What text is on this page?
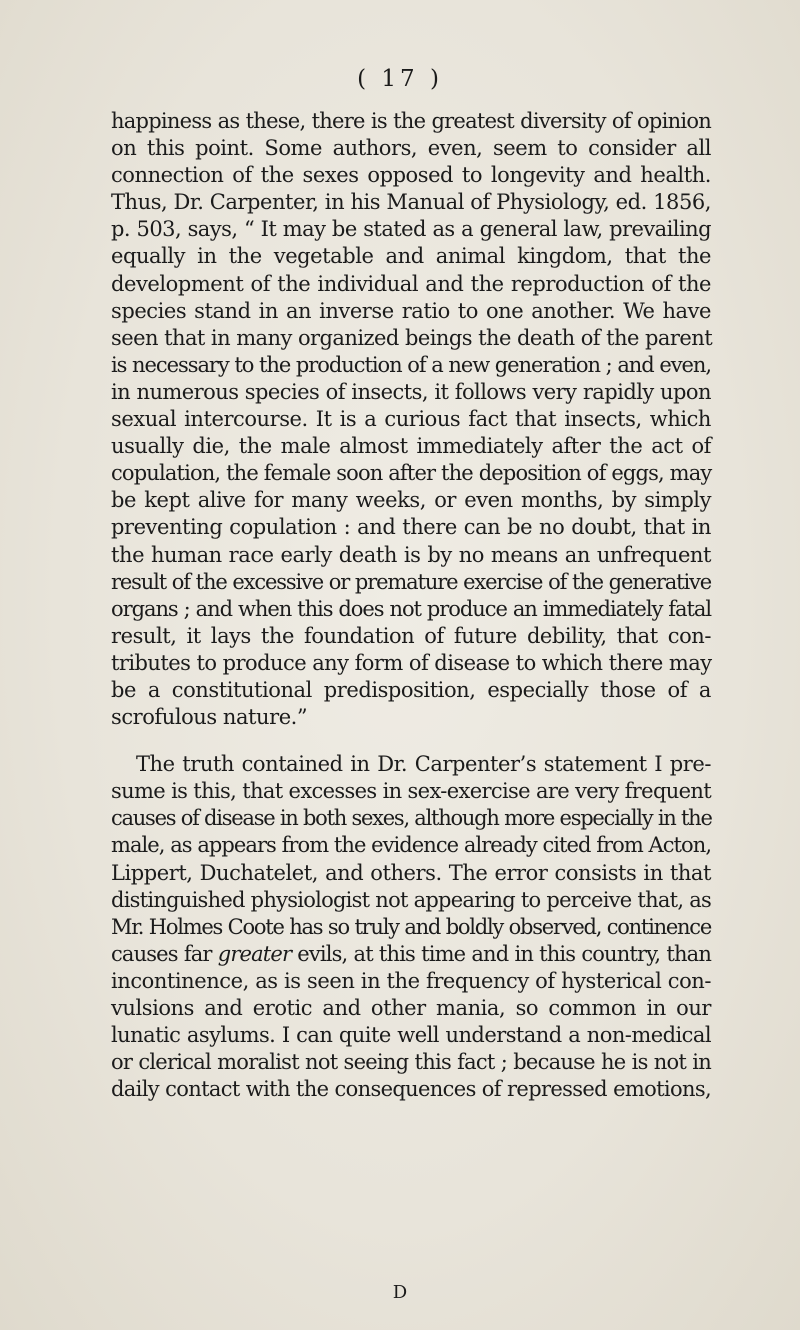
( 17 )
happiness as these, there is the greatest diversity of opinion
on this point. Some authors, even, seem to consider all
connection of the sexes opposed to longevity and health.
Thus, Dr. Carpenter, in his Manual of Physiology, ed. 1856,
p. 503, says, “ It may be stated as a general law, prevailing
equally in the vegetable and animal kingdom, that the
development of the individual and the reproduction of the
species stand in an inverse ratio to one another. We have
seen that in many organized beings the death of the parent
is necessary to the production of a new generation ; and even,
in numerous species of insects, it follows very rapidly upon
sexual intercourse. It is a curious fact that insects, which
usually die, the male almost immediately after the act of
copulation, the female soon after the deposition of eggs, may
be kept alive for many weeks, or even months, by simply
preventing copulation : and there can be no doubt, that in
the human race early death is by no means an unfrequent
result of the excessive or premature exercise of the generative
organs ; and when this does not produce an immediately fatal
result, it lays the foundation of future debility, that con-
tributes to produce any form of disease to which there may
be a constitutional predisposition, especially those of a
scrofulous nature.”
The truth contained in Dr. Carpenter’s statement I pre-
sume is this, that excesses in sex-exercise are very frequent
causes of disease in both sexes, although more especially in the
male, as appears from the evidence already cited from Acton,
Lippert, Duchatelet, and others. The error consists in that
distinguished physiologist not appearing to perceive that, as
Mr. Holmes Coote has so truly and boldly observed, continence
causes far greater evils, at this time and in this country, than
incontinence, as is seen in the frequency of hysterical con-
vulsions and erotic and other mania, so common in our
lunatic asylums. I can quite well understand a non-medical
or clerical moralist not seeing this fact ; because he is not in
daily contact with the consequences of repressed emotions,
D
